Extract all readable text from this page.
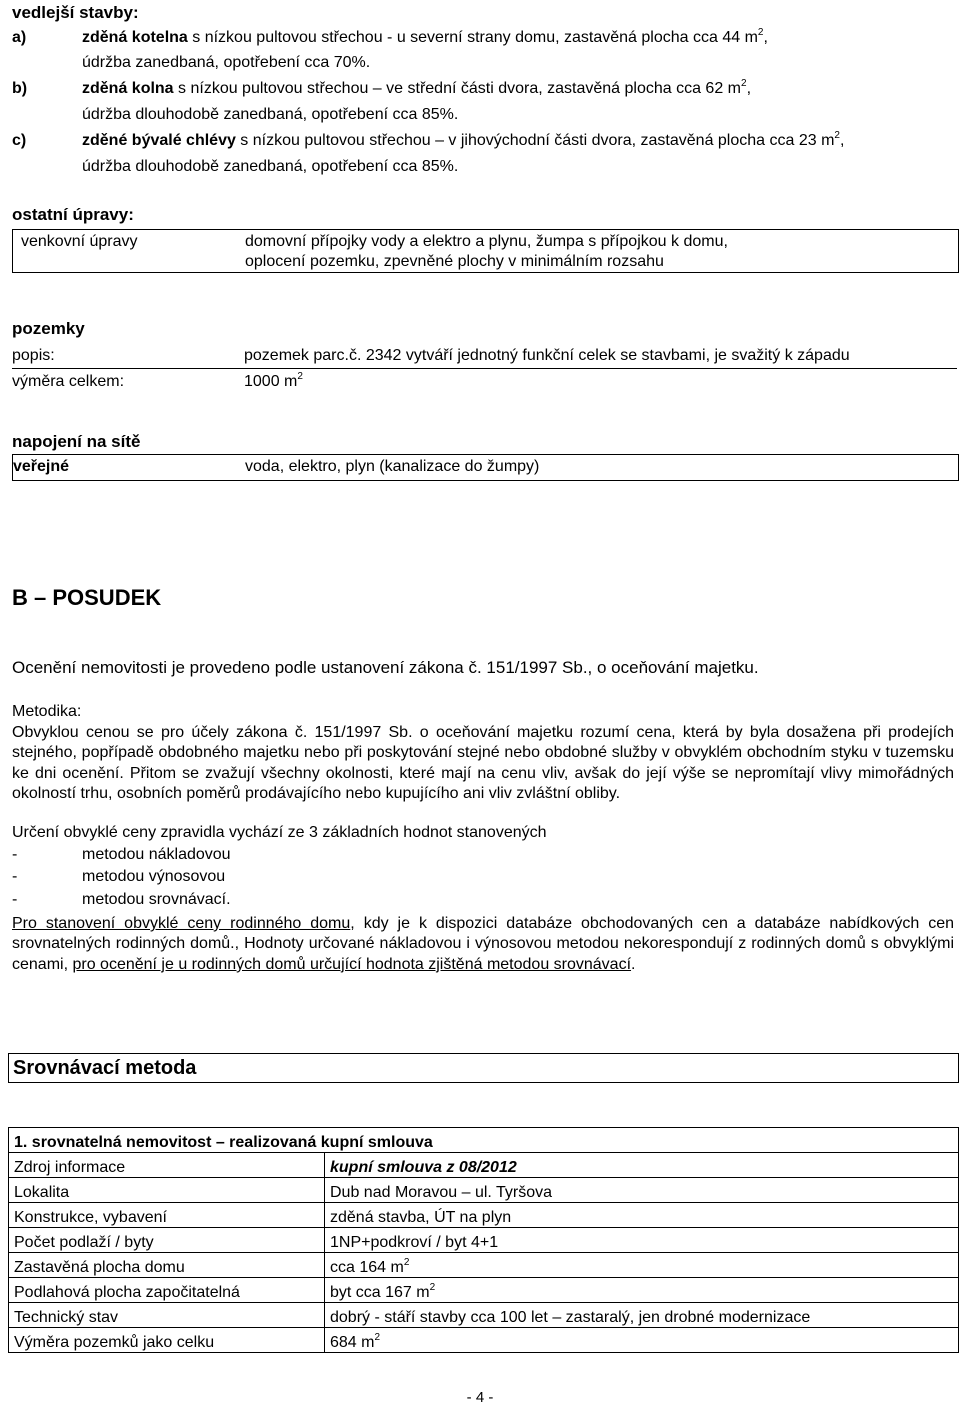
vedlejší stavby:
a)	zděná kotelna s nízkou pultovou střechou - u severní strany domu, zastavěná plocha cca 44 $m^2$,
údržba zanedbaná, opotřebení cca 70%.
b)	zděná kolna s nízkou pultovou střechou – ve střední části dvora, zastavěná plocha cca 62 $m^2$,
údržba dlouhodobě zanedbaná, opotřebení cca 85%.
c)	zděné bývalé chlévy s nízkou pultovou střechou – v jihovýchodní části dvora, zastavěná plocha cca 23 $m^2$,
údržba dlouhodobě zanedbaná, opotřebení cca 85%.
ostatní úpravy:
venkovní úpravy	domovní přípojky vody a elektro a plynu, žumpa s přípojkou k domu,
oplocení pozemku, zpevněné plochy v minimálním rozsahu
pozemky
popis:	pozemek parc.č. 2342 vytváří jednotný funkční celek se stavbami, je svažitý k západu
výměra celkem:	1000 $m^2$
napojení na sítě
veřejné	voda, elektro, plyn (kanalizace do žumpy)
B – POSUDEK
Ocenění nemovitosti je provedeno podle ustanovení zákona č. 151/1997 Sb., o oceňování majetku.
Metodika:
Obvyklou cenou se pro účely zákona č. 151/1997 Sb. o oceňování majetku rozumí cena, která by byla dosažena při prodejích stejného, popřípadě obdobného majetku nebo při poskytování stejné nebo obdobné služby v obvyklém obchodním styku v tuzemsku ke dni ocenění. Přitom se zvažují všechny okolnosti, které mají na cenu vliv, avšak do její výše se nepromítají vlivy mimořádných okolností trhu, osobních poměrů prodávajícího nebo kupujícího ani vliv zvláštní obliby.
Určení obvyklé ceny zpravidla vychází ze 3 základních hodnot stanovených
-	metodou nákladovou
-	metodou výnosovou
-	metodou srovnávací.
Pro stanovení obvyklé ceny rodinného domu, kdy je k dispozici databáze obchodovaných cen a databáze nabídkových cen srovnatelných rodinných domů., Hodnoty určované nákladovou i výnosovou metodou nekorespondují z rodinných domů s obvyklými cenami, pro ocenění je u rodinných domů určující hodnota zjištěná metodou srovnávací.
Srovnávací metoda
1. srovnatelná nemovitost – realizovaná kupní smlouva	
Zdroj informace	kupní smlouva z 08/2012
Lokalita	Dub nad Moravou – ul. Tyršova
Konstrukce, vybavení	zděná stavba, ÚT na plyn
Počet podlaží / byty	1NP+podkroví / byt 4+1
Zastavěná plocha domu	cca 164 $m^2$
Podlahová plocha započitatelná	byt cca 167 $m^2$
Technický stav	dobrý - stáří stavby cca 100 let – zastaralý, jen drobné modernizace
Výměra pozemků jako celku	684 $m^2$
- 4 -
